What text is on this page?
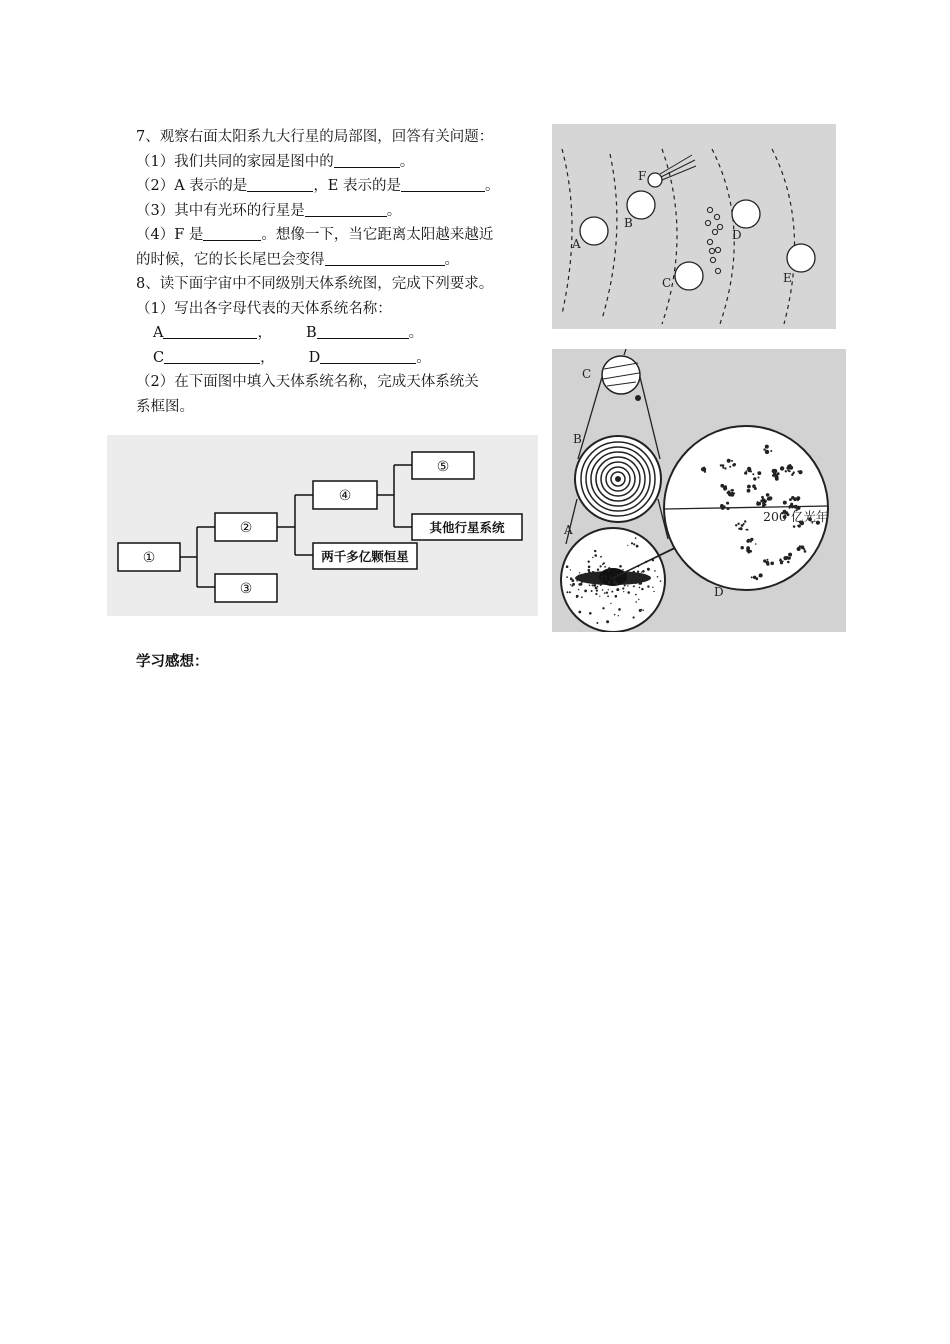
7、观察右面太阳系九大行星的局部图，回答有关问题：

（1）我们共同的家园是图中的	。

（2）A 表示的是	，E 表示的是	。

（3）其中有光环的行星是	。

（4）F 是	。想像一下，当它距离太阳越来越近

的时候，它的长长尾巴会变得	。

8、读下面宇宙中不同级别天体系统图，完成下列要求。

（1）写出各字母代表的天体系统名称：

A	， B	。

C	， D	。

（2）在下面图中填入天体系统名称，完成天体系统关

系框图。

A
B
C
D
E
F
C
B
A
D
200 亿光年
①
②
③
④
⑤
其他行星系统
两千多亿颗恒星
学习感想：
